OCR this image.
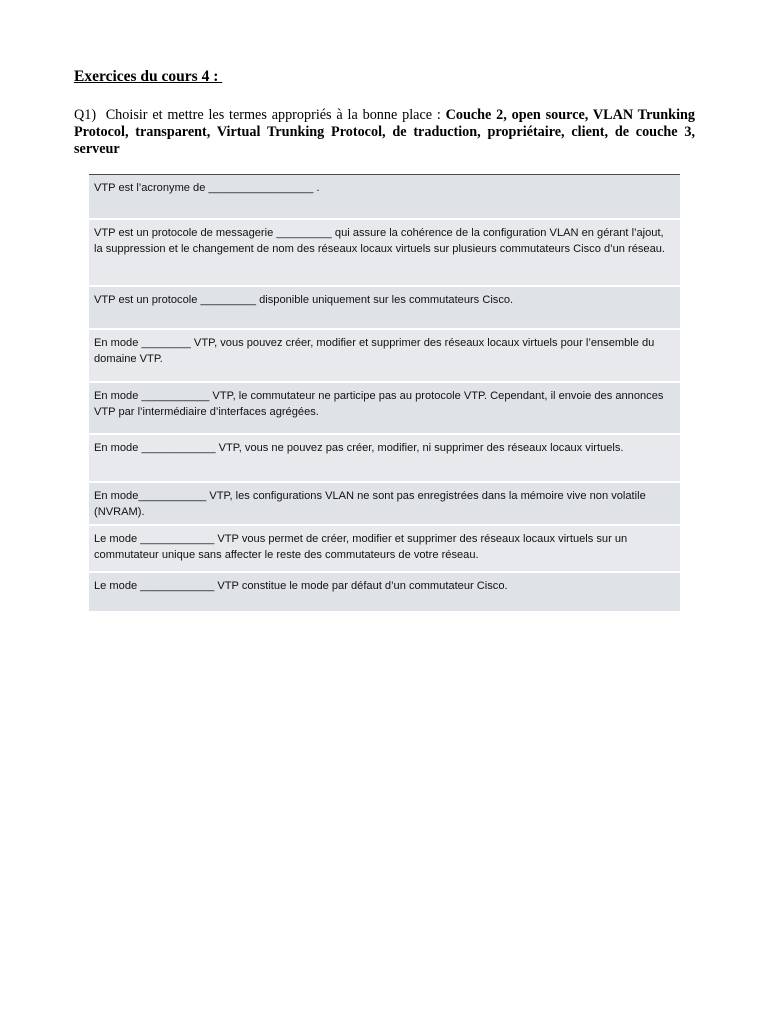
Exercices du cours 4 :
Q1)  Choisir et mettre les termes appropriés à la bonne place : Couche 2, open source, VLAN Trunking Protocol, transparent, Virtual Trunking Protocol, de traduction, propriétaire, client, de couche 3, serveur
VTP est l’acronyme de _________________ .
VTP est un protocole de messagerie _________ qui assure la cohérence de la configuration VLAN en gérant l’ajout, la suppression et le changement de nom des réseaux locaux virtuels sur plusieurs commutateurs Cisco d’un réseau.
VTP est un protocole _________ disponible uniquement sur les commutateurs Cisco.
En mode ________ VTP, vous pouvez créer, modifier et supprimer des réseaux locaux virtuels pour l’ensemble du domaine VTP.
En mode ___________ VTP, le commutateur ne participe pas au protocole VTP. Cependant, il envoie des annonces VTP par l’intermédiaire d’interfaces agrégées.
En mode ____________ VTP, vous ne pouvez pas créer, modifier, ni supprimer des réseaux locaux virtuels.
En mode___________ VTP, les configurations VLAN ne sont pas enregistrées dans la mémoire vive non volatile (NVRAM).
Le mode ____________ VTP vous permet de créer, modifier et supprimer des réseaux locaux virtuels sur un commutateur unique sans affecter le reste des commutateurs de votre réseau.
Le mode ____________ VTP constitue le mode par défaut d’un commutateur Cisco.
